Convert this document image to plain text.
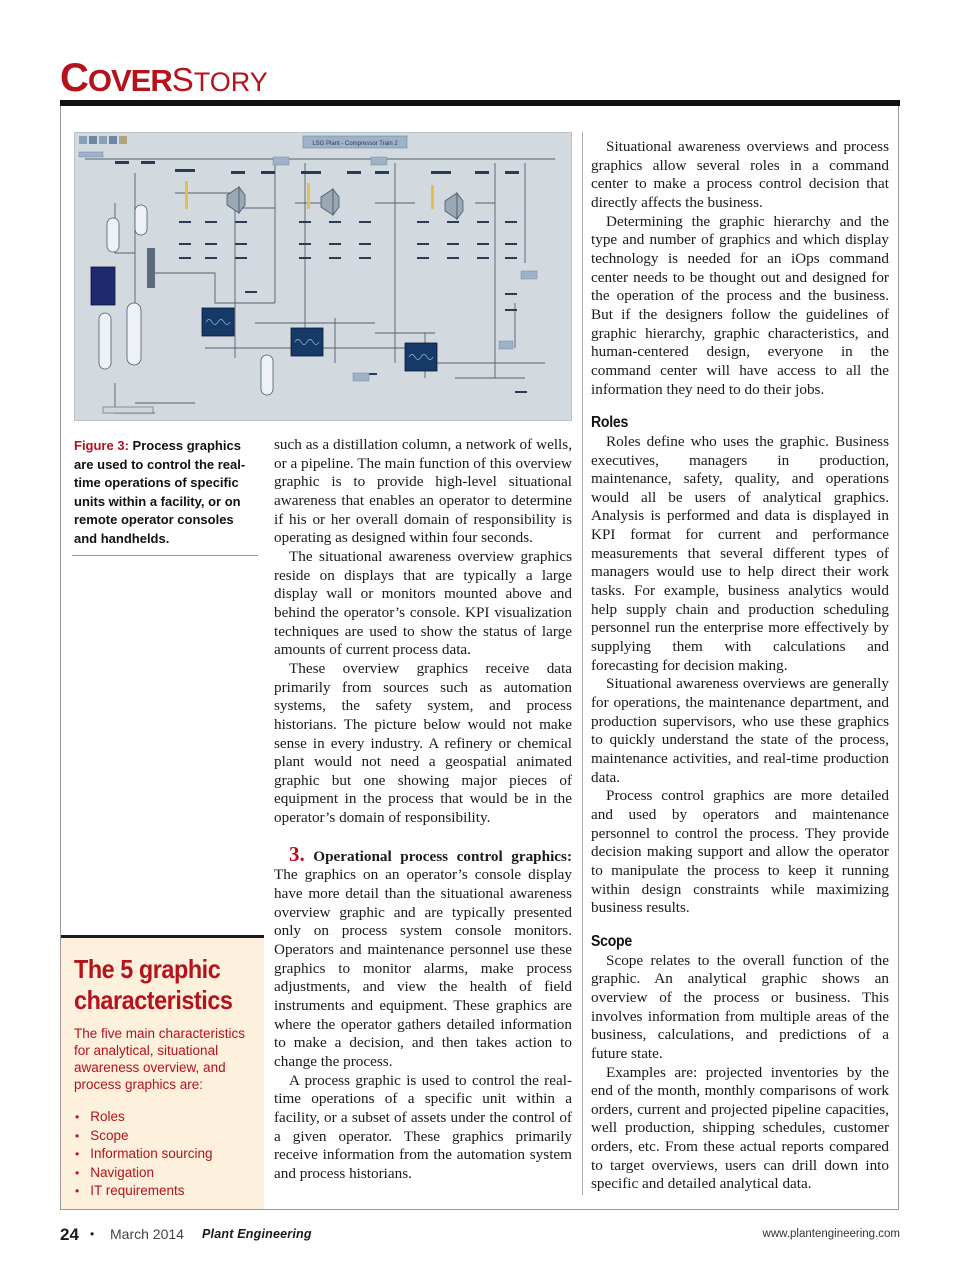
COVERSTORY
LSG Plant - Compressor Train 2
Figure 3: Process graphics are used to control the real-time operations of specific units within a facility, or on remote operator consoles and handhelds.
The 5 graphic characteristics
The five main characteristics for analytical, situational awareness overview, and process graphics are:
• Roles
• Scope
• Information sourcing
• Navigation
• IT requirements

such as a distillation column, a network of wells, or a pipeline. The main function of this overview graphic is to provide high-level situational awareness that enables an operator to determine if his or her overall domain of responsibility is operating as designed within four seconds.

The situational awareness overview graphics reside on displays that are typically a large display wall or monitors mounted above and behind the operator’s console. KPI visualization techniques are used to show the status of large amounts of current process data.

These overview graphics receive data primarily from sources such as automation systems, the safety system, and process historians. The picture below would not make sense in every industry. A refinery or chemical plant would not need a geospatial animated graphic but one showing major pieces of equipment in the process that would be in the operator’s domain of responsibility.

3. Operational process control graphics: The graphics on an operator’s console display have more detail than the situational awareness overview graphic and are typically presented only on process system console monitors. Operators and maintenance personnel use these graphics to monitor alarms, make process adjustments, and view the health of field instruments and equipment. These graphics are where the operator gathers detailed information to make a decision, and then takes action to change the process.

A process graphic is used to control the real-time operations of a specific unit within a facility, or a subset of assets under the control of a given operator. These graphics primarily receive information from the automation system and process historians.

Situational awareness overviews and process graphics allow several roles in a command center to make a process control decision that directly affects the business.

Determining the graphic hierarchy and the type and number of graphics and which display technology is needed for an iOps command center needs to be thought out and designed for the operation of the process and the business. But if the designers follow the guidelines of graphic hierarchy, graphic characteristics, and human-centered design, everyone in the command center will have access to all the information they need to do their jobs.

Roles

Roles define who uses the graphic. Business executives, managers in production, maintenance, safety, quality, and operations would all be users of analytical graphics. Analysis is performed and data is displayed in KPI format for current and performance measurements that several different types of managers would use to help direct their work tasks. For example, business analytics would help supply chain and production scheduling personnel run the enterprise more effectively by supplying them with calculations and forecasting for decision making.

Situational awareness overviews are generally for operations, the maintenance department, and production supervisors, who use these graphics to quickly understand the state of the process, maintenance activities, and real-time production data.

Process control graphics are more detailed and used by operators and maintenance personnel to control the process. They provide decision making support and allow the operator to manipulate the process to keep it running within design constraints while maximizing business results.

Scope

Scope relates to the overall function of the graphic. An analytical graphic shows an overview of the process or business. This involves information from multiple areas of the business, calculations, and predictions of a future state.

Examples are: projected inventories by the end of the month, monthly comparisons of work orders, current and projected pipeline capacities, well production, shipping schedules, customer orders, etc. From these actual reports compared to target overviews, users can drill down into specific and detailed analytical data.

24 • March 2014 Plant Engineering	www.plantengineering.com
